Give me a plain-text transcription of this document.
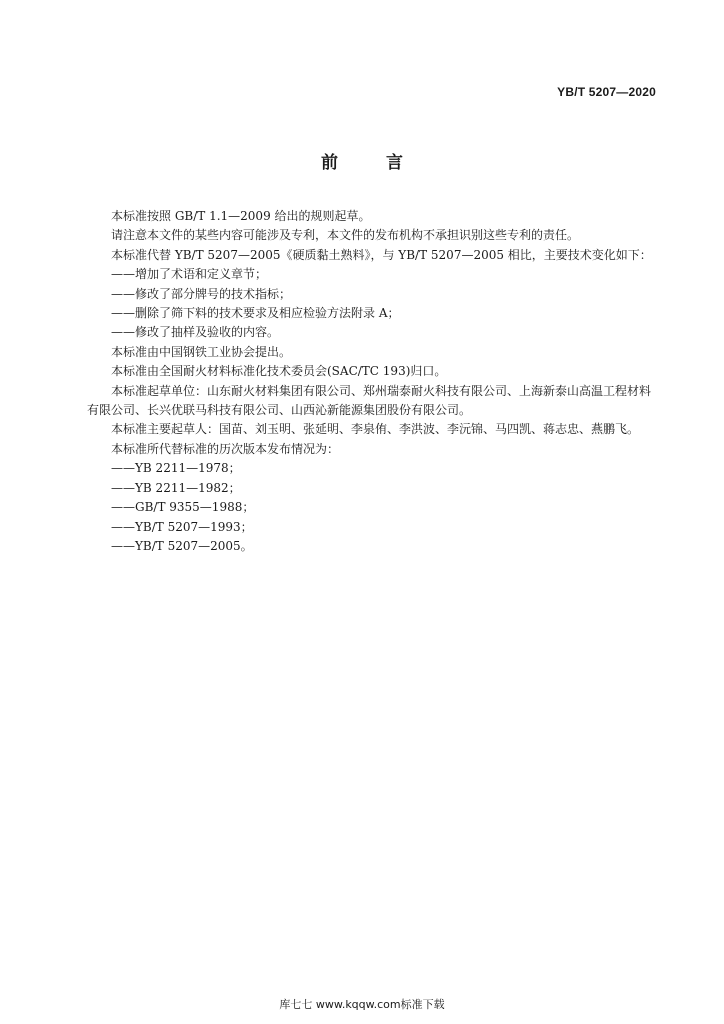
YB/T 5207—2020
前	言

本标准按照 GB/T 1.1—2009 给出的规则起草。

请注意本文件的某些内容可能涉及专利，本文件的发布机构不承担识别这些专利的责任。

本标准代替 YB/T 5207—2005《硬质黏土熟料》，与 YB/T 5207—2005 相比，主要技术变化如下：

——增加了术语和定义章节；

——修改了部分牌号的技术指标；

——删除了筛下料的技术要求及相应检验方法附录 A；

——修改了抽样及验收的内容。

本标准由中国钢铁工业协会提出。

本标准由全国耐火材料标准化技术委员会(SAC/TC 193)归口。

本标准起草单位：山东耐火材料集团有限公司、郑州瑞泰耐火科技有限公司、上海新泰山高温工程材料有限公司、长兴优联马科技有限公司、山西沁新能源集团股份有限公司。

本标准主要起草人：国苗、刘玉明、张延明、李泉侑、李洪波、李沅锦、马四凯、蒋志忠、燕鹏飞。

本标准所代替标准的历次版本发布情况为：

——YB 2211—1978；

——YB 2211—1982；

——GB/T 9355—1988；

——YB/T 5207—1993；

——YB/T 5207—2005。

库七七 www.kqqw.com标准下载
